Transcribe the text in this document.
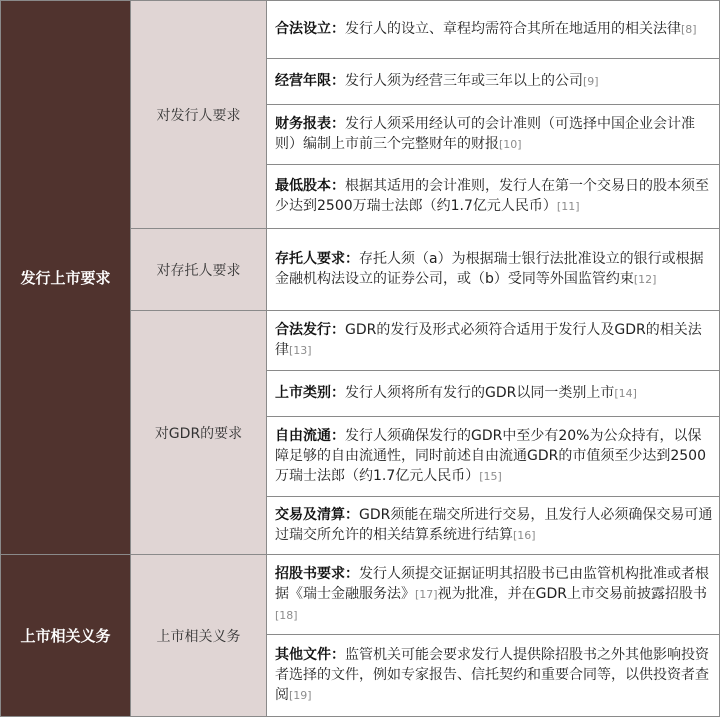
发行上市要求	对发行人要求	合法设立：发行人的设立、章程均需符合其所在地适用的相关法律[8]
		经营年限：发行人须为经营三年或三年以上的公司[9]
		财务报表：发行人须采用经认可的会计准则（可选择中国企业会计准则）编制上市前三个完整财年的财报[10]
		最低股本：根据其适用的会计准则，发行人在第一个交易日的股本须至少达到2500万瑞士法郎（约1.7亿元人民币）[11]
	对存托人要求	存托人要求：存托人须（a）为根据瑞士银行法批准设立的银行或根据金融机构法设立的证券公司，或（b）受同等外国监管约束[12]
	对GDR的要求	合法发行：GDR的发行及形式必须符合适用于发行人及GDR的相关法律[13]
		上市类别：发行人须将所有发行的GDR以同一类别上市[14]
		自由流通：发行人须确保发行的GDR中至少有20%为公众持有，以保障足够的自由流通性，同时前述自由流通GDR的市值须至少达到2500万瑞士法郎（约1.7亿元人民币）[15]
		交易及清算：GDR须能在瑞交所进行交易，且发行人必须确保交易可通过瑞交所允许的相关结算系统进行结算[16]
上市相关义务	上市相关义务	招股书要求：发行人须提交证据证明其招股书已由监管机构批准或者根据《瑞士金融服务法》[17]视为批准，并在GDR上市交易前披露招股书[18]
		其他文件：监管机关可能会要求发行人提供除招股书之外其他影响投资者选择的文件，例如专家报告、信托契约和重要合同等，以供投资者查阅[19]
